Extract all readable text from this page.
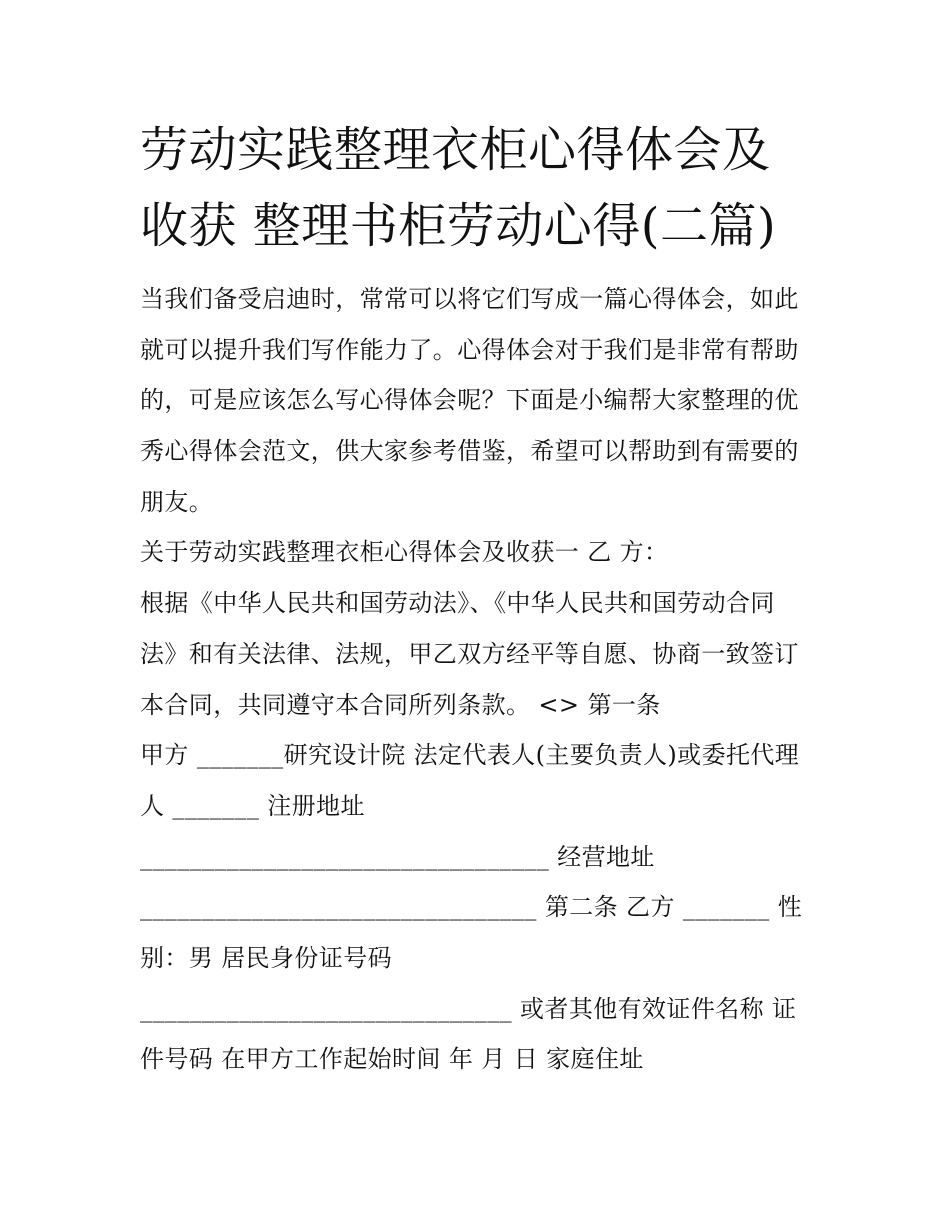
劳动实践整理衣柜心得体会及
收获 整理书柜劳动心得(二篇)
当我们备受启迪时，常常可以将它们写成一篇心得体会，如此
就可以提升我们写作能力了。心得体会对于我们是非常有帮助
的，可是应该怎么写心得体会呢？下面是小编帮大家整理的优
秀心得体会范文，供大家参考借鉴，希望可以帮助到有需要的
朋友。
关于劳动实践整理衣柜心得体会及收获一 乙 方：
根据《中华人民共和国劳动法》、《中华人民共和国劳动合同
法》和有关法律、法规，甲乙双方经平等自愿、协商一致签订
本合同，共同遵守本合同所列条款。 <> 第一条
甲方 _______研究设计院 法定代表人(主要负责人)或委托代理
人 _______ 注册地址
_________________________________ 经营地址
________________________________ 第二条 乙方 _______ 性
别：男 居民身份证号码
______________________________ 或者其他有效证件名称 证
件号码 在甲方工作起始时间 年 月 日 家庭住址
